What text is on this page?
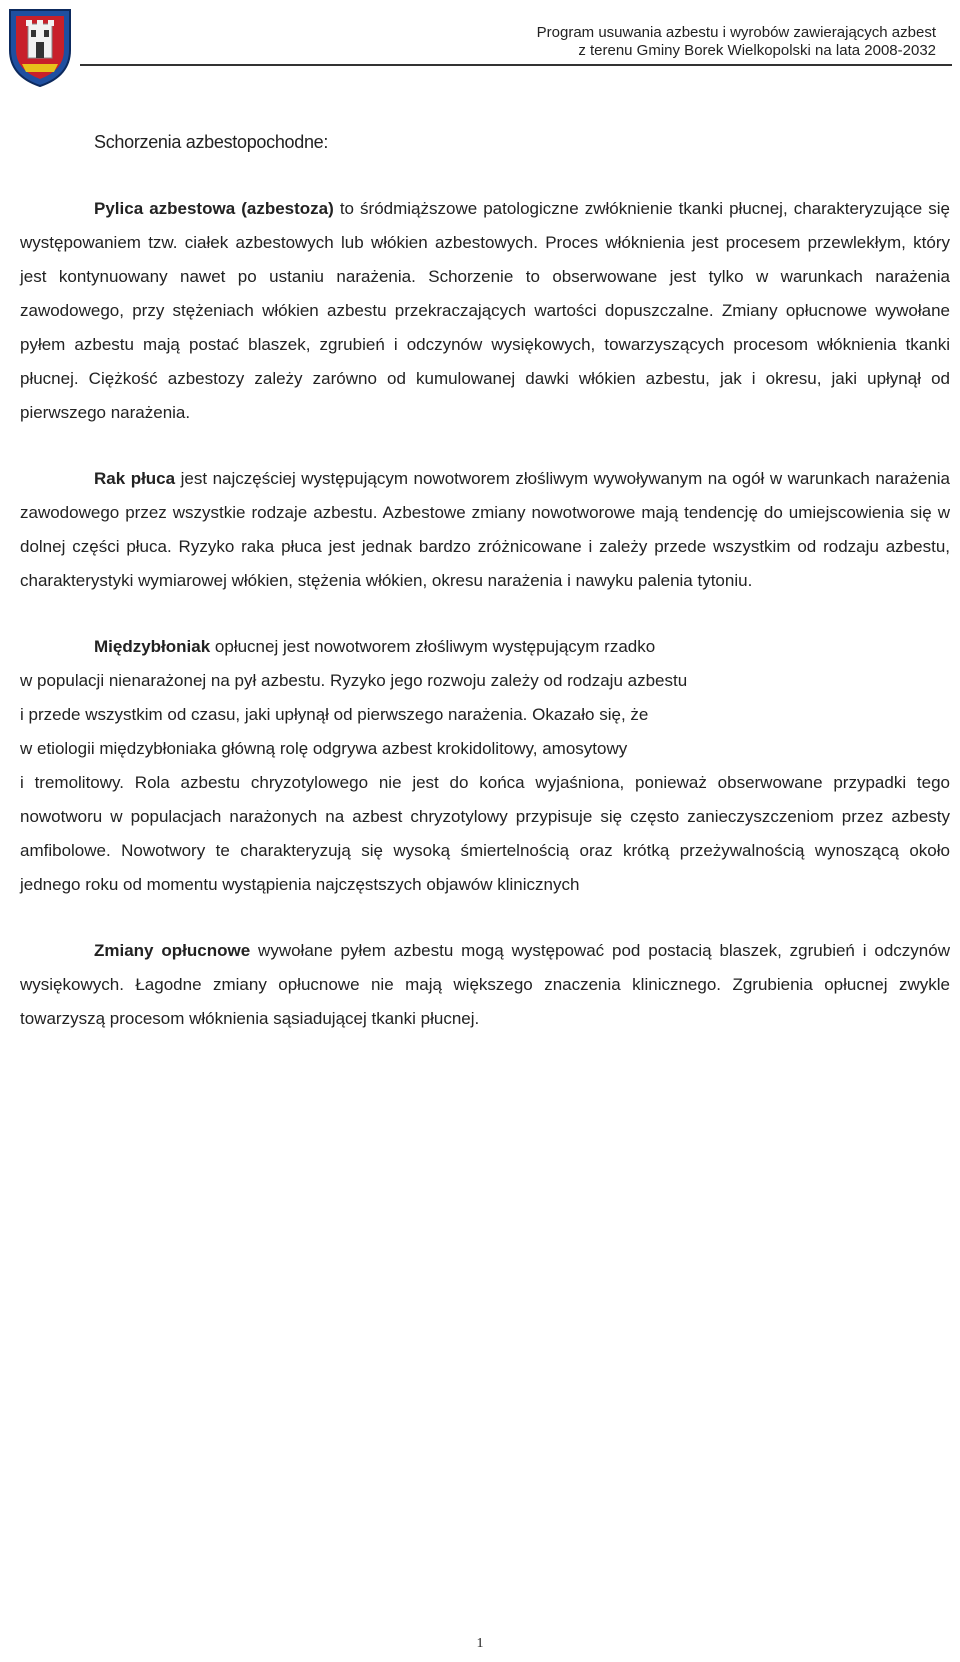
Program usuwania azbestu i wyrobów zawierających azbest
z terenu Gminy Borek Wielkopolski na lata 2008-2032
Schorzenia azbestopochodne:

Pylica azbestowa (azbestoza) to śródmiąższowe patologiczne zwłóknienie tkanki płucnej, charakteryzujące się występowaniem tzw. ciałek azbestowych lub włókien azbestowych. Proces włóknienia jest procesem przewlekłym, który jest kontynuowany nawet po ustaniu narażenia. Schorzenie to obserwowane jest tylko w warunkach narażenia zawodowego, przy stężeniach włókien azbestu przekraczających wartości dopuszczalne. Zmiany opłucnowe wywołane pyłem azbestu mają postać blaszek, zgrubień i odczynów wysiękowych, towarzyszących procesom włóknienia tkanki płucnej. Ciężkość azbestozy zależy zarówno od kumulowanej dawki włókien azbestu, jak i okresu, jaki upłynął od pierwszego narażenia.

Rak płuca jest najczęściej występującym nowotworem złośliwym wywoływanym na ogół w warunkach narażenia zawodowego przez wszystkie rodzaje azbestu. Azbestowe zmiany nowotworowe mają tendencję do umiejscowienia się w dolnej części płuca. Ryzyko raka płuca jest jednak bardzo zróżnicowane i zależy przede wszystkim od rodzaju azbestu, charakterystyki wymiarowej włókien, stężenia włókien, okresu narażenia i nawyku palenia tytoniu.

Międzybłoniak opłucnej jest nowotworem złośliwym występującym rzadko
w populacji nienarażonej na pył azbestu. Ryzyko jego rozwoju zależy od rodzaju azbestu
i przede wszystkim od czasu, jaki upłynął od pierwszego narażenia. Okazało się, że
w etiologii międzybłoniaka główną rolę odgrywa azbest krokidolitowy, amosytowy
i tremolitowy. Rola azbestu chryzotylowego nie jest do końca wyjaśniona, ponieważ obserwowane przypadki tego nowotworu w populacjach narażonych na azbest chryzotylowy przypisuje się często zanieczyszczeniom przez azbesty amfibolowe. Nowotwory te charakteryzują się wysoką śmiertelnością oraz krótką przeżywalnością wynoszącą około jednego roku od momentu wystąpienia najczęstszych objawów klinicznych

Zmiany opłucnowe wywołane pyłem azbestu mogą występować pod postacią blaszek, zgrubień i odczynów wysiękowych. Łagodne zmiany opłucnowe nie mają większego znaczenia klinicznego. Zgrubienia opłucnej zwykle towarzyszą procesom włóknienia sąsiadującej tkanki płucnej.

1
